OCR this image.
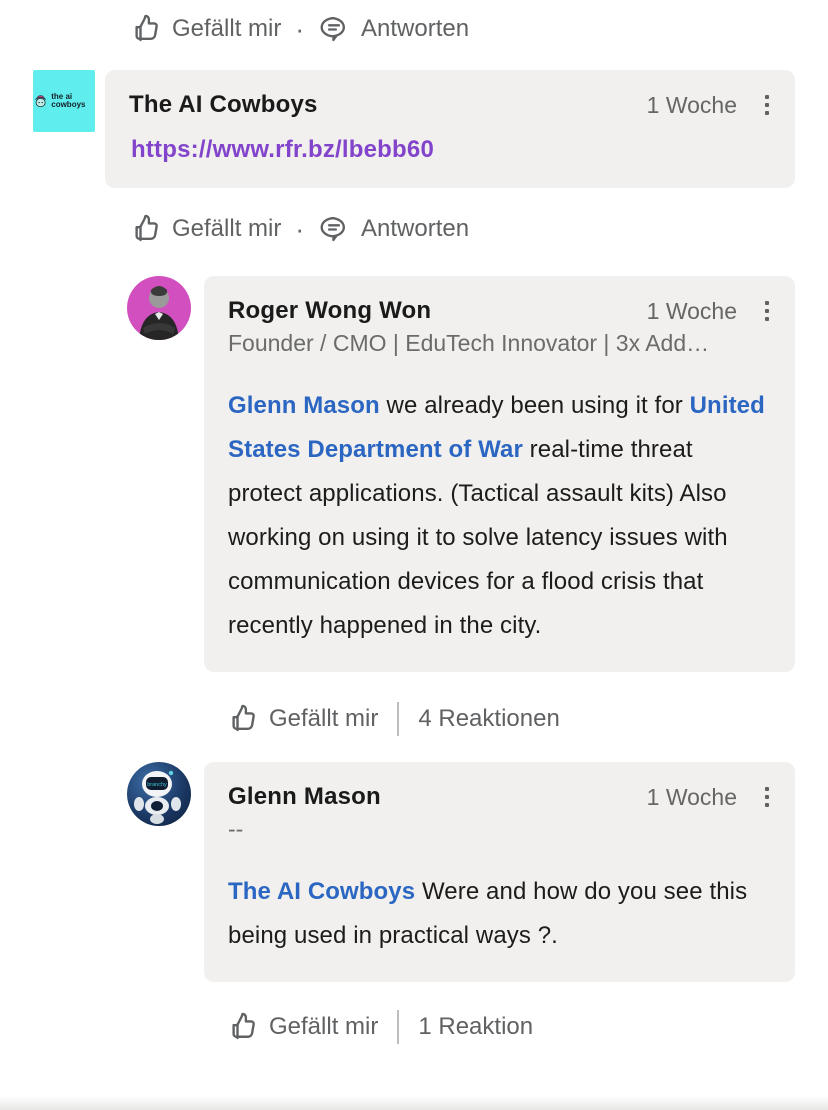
Gefällt mir · Antworten
the ai cowboys	The AI Cowboys	1 Woche
https://www.rfr.bz/lbebb60
Gefällt mir · Antworten
Roger Wong Won	1 Woche
Founder / CMO | EduTech Innovator | 3x Add…
Glenn Mason we already been using it for United States Department of War real-time threat protect applications. (Tactical assault kits) Also working on using it to solve latency issues with communication devices for a flood crisis that recently happened in the city.
Gefällt mir 4 Reaktionen
branchy	Glenn Mason	1 Woche
--
The AI Cowboys Were and how do you see this being used in practical ways ?.
Gefällt mir 1 Reaktion
